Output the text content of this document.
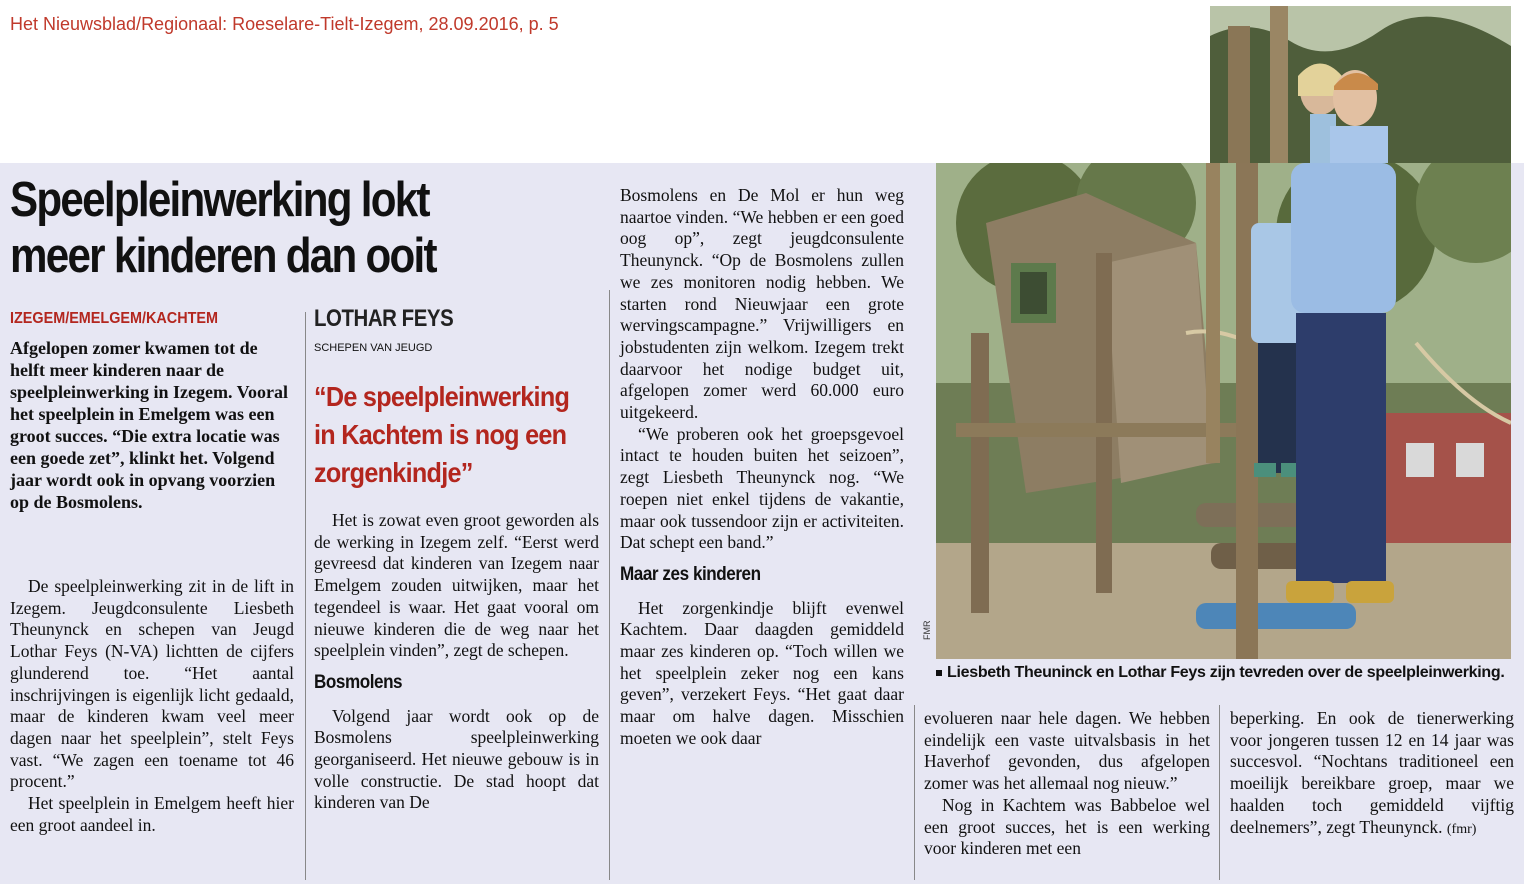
Het Nieuwsblad/Regionaal: Roeselare-Tielt-Izegem, 28.09.2016, p. 5
FMR
Liesbeth Theuninck en Lothar Feys zijn tevreden over de speelpleinwerking.
Speelpleinwerking lokt meer kinderen dan ooit
IZEGEM/EMELGEM/KACHTEM
Afgelopen zomer kwamen tot de helft meer kinderen naar de speelpleinwerking in Izegem. Vooral het speelplein in Emelgem was een groot succes. “Die extra locatie was een goede zet”, klinkt het. Volgend jaar wordt ook in opvang voorzien op de Bosmolens.

De speelpleinwerking zit in de lift in Izegem. Jeugdconsulente Liesbeth Theunynck en schepen van Jeugd Lothar Feys (N-VA) lichtten de cijfers glunderend toe. “Het aantal inschrijvingen is eigenlijk licht gedaald, maar de kinderen kwam veel meer dagen naar het speelplein”, stelt Feys vast. “We zagen een toename tot 46 procent.”

Het speelplein in Emelgem heeft hier een groot aandeel in.

LOTHAR FEYS
SCHEPEN VAN JEUGD
“De speelpleinwerking in Kachtem is nog een zorgenkindje”

Het is zowat even groot geworden als de werking in Izegem zelf. “Eerst werd gevreesd dat kinderen van Izegem naar Emelgem zouden uitwijken, maar het tegendeel is waar. Het gaat vooral om nieuwe kinderen die de weg naar het speelplein vinden”, zegt de schepen.

Bosmolens

Volgend jaar wordt ook op de Bosmolens speelpleinwerking georganiseerd. Het nieuwe gebouw is in volle constructie. De stad hoopt dat kinderen van De

Bosmolens en De Mol er hun weg naartoe vinden. “We hebben er een goed oog op”, zegt jeugdconsulente Theunynck. “Op de Bosmolens zullen we zes monitoren nodig hebben. We starten rond Nieuwjaar een grote wervingscampagne.” Vrijwilligers en jobstudenten zijn welkom. Izegem trekt daarvoor het nodige budget uit, afgelopen zomer werd 60.000 euro uitgekeerd.

“We proberen ook het groepsgevoel intact te houden buiten het seizoen”, zegt Liesbeth Theunynck nog. “We roepen niet enkel tijdens de vakantie, maar ook tussendoor zijn er activiteiten. Dat schept een band.”

Maar zes kinderen

Het zorgenkindje blijft evenwel Kachtem. Daar daagden gemiddeld maar zes kinderen op. “Toch willen we het speelplein zeker nog een kans geven”, verzekert Feys. “Het gaat daar maar om halve dagen. Misschien moeten we ook daar

evolueren naar hele dagen. We hebben eindelijk een vaste uitvalsbasis in het Haverhof gevonden, dus afgelopen zomer was het allemaal nog nieuw.”

Nog in Kachtem was Babbeloe wel een groot succes, het is een werking voor kinderen met een

beperking. En ook de tienerwerking voor jongeren tussen 12 en 14 jaar was succesvol. “Nochtans traditioneel een moeilijk bereikbare groep, maar we haalden toch gemiddeld vijftig deelnemers”, zegt Theunynck. (fmr)
